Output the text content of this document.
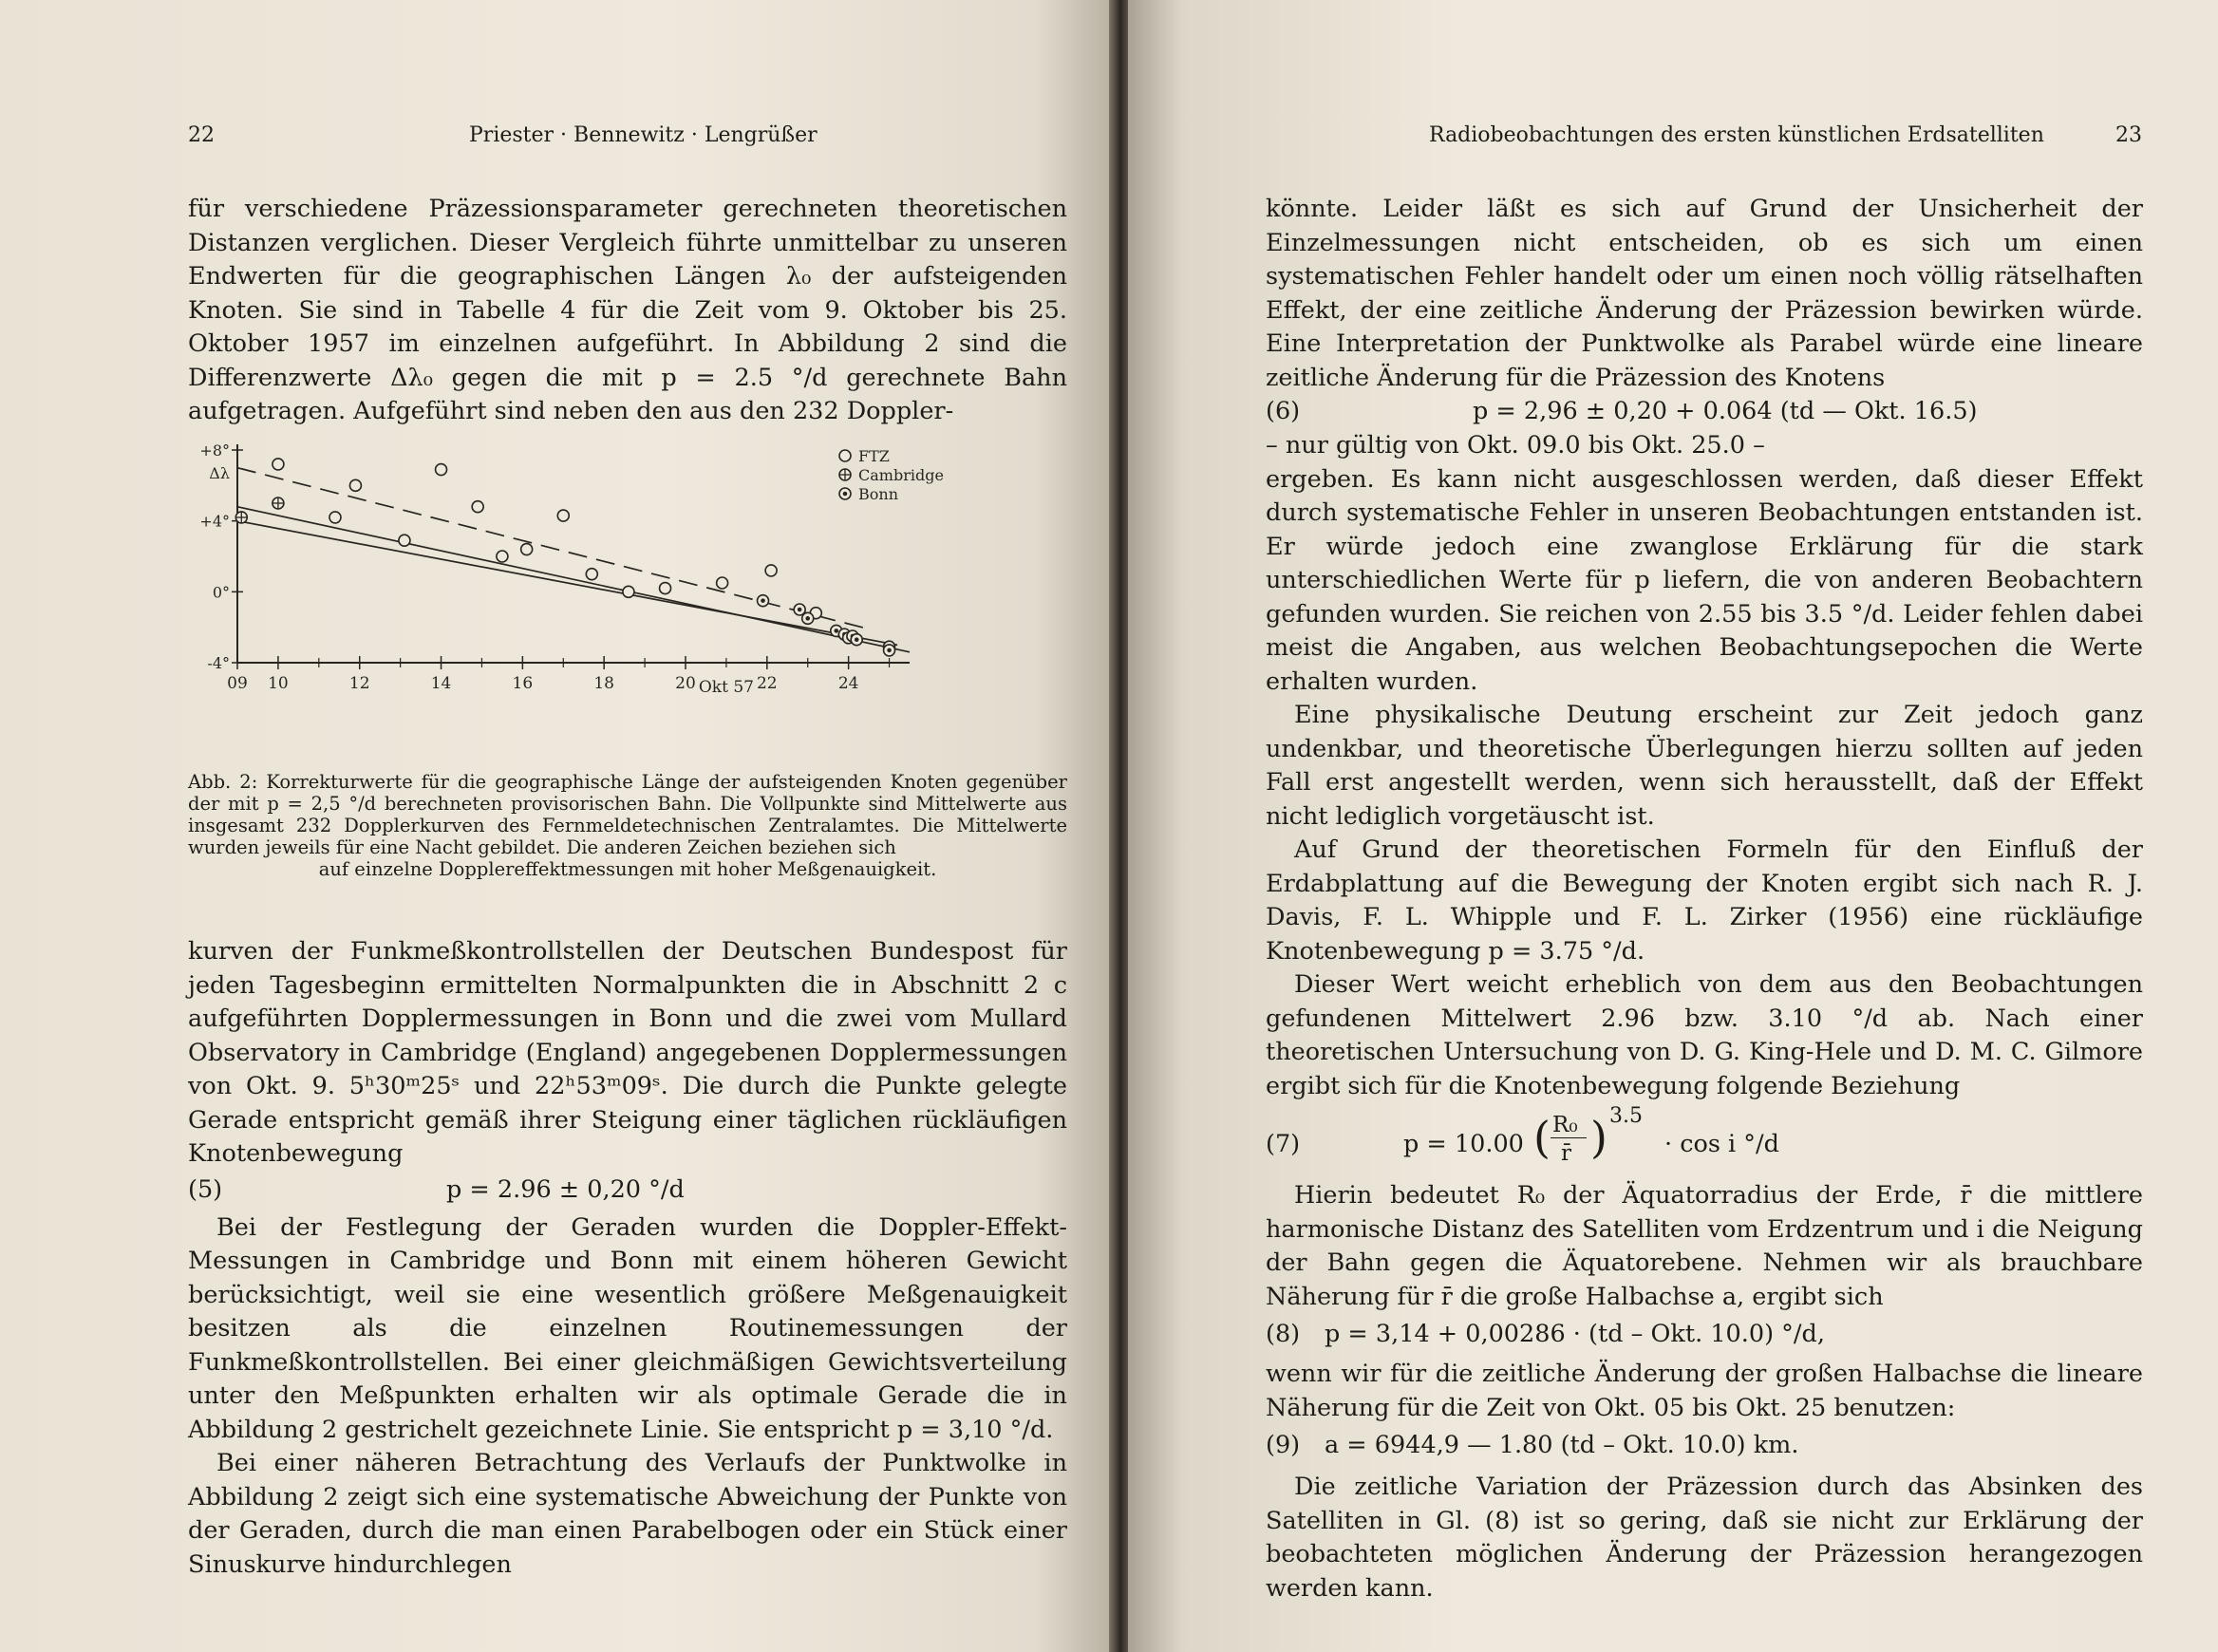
22	Priester · Bennewitz · Lengrüßer

für verschiedene Präzessionsparameter gerechneten theoretischen Distanzen verglichen. Dieser Vergleich führte unmittelbar zu unseren Endwerten für die geographischen Längen λ₀ der aufsteigenden Knoten. Sie sind in Tabelle 4 für die Zeit vom 9. Oktober bis 25. Oktober 1957 im einzelnen aufgeführt. In Abbildung 2 sind die Differenzwerte Δλ₀ gegen die mit p = 2.5 °/d gerechnete Bahn aufgetragen. Aufgeführt sind neben den aus den 232 Doppler-

09 10	12	14	16	18	20	22	24
Okt 57
+8°
+4°
0°
-4°
Δλ
FTZ
Cambridge
Bonn
Abb. 2: Korrekturwerte für die geographische Länge der aufsteigenden Knoten gegenüber der mit p = 2,5 °/d berechneten provisorischen Bahn. Die Vollpunkte sind Mittelwerte aus insgesamt 232 Dopplerkurven des Fernmeldetechnischen Zentralamtes. Die Mittelwerte wurden jeweils für eine Nacht gebildet. Die anderen Zeichen beziehen sich
auf einzelne Dopplereffektmessungen mit hoher Meßgenauigkeit.

kurven der Funkmeßkontrollstellen der Deutschen Bundespost für jeden Tagesbeginn ermittelten Normalpunkten die in Abschnitt 2 c aufgeführten Dopplermessungen in Bonn und die zwei vom Mullard Observatory in Cambridge (England) angegebenen Dopplermessungen von Okt. 9. 5ʰ30ᵐ25ˢ und 22ʰ53ᵐ09ˢ. Die durch die Punkte gelegte Gerade entspricht gemäß ihrer Steigung einer täglichen rückläufigen Knotenbewegung

(5)	p = 2.96 ± 0,20 °/d

Bei der Festlegung der Geraden wurden die Doppler-Effekt-Messungen in Cambridge und Bonn mit einem höheren Gewicht berücksichtigt, weil sie eine wesentlich größere Meßgenauigkeit besitzen als die einzelnen Routinemessungen der Funkmeßkontrollstellen. Bei einer gleichmäßigen Gewichtsverteilung unter den Meßpunkten erhalten wir als optimale Gerade die in Abbildung 2 gestrichelt gezeichnete Linie. Sie entspricht p = 3,10 °/d.

Bei einer näheren Betrachtung des Verlaufs der Punktwolke in Abbildung 2 zeigt sich eine systematische Abweichung der Punkte von der Geraden, durch die man einen Parabelbogen oder ein Stück einer Sinuskurve hindurchlegen

Radiobeobachtungen des ersten künstlichen Erdsatelliten	23

könnte. Leider läßt es sich auf Grund der Unsicherheit der Einzelmessungen nicht entscheiden, ob es sich um einen systematischen Fehler handelt oder um einen noch völlig rätselhaften Effekt, der eine zeitliche Änderung der Präzession bewirken würde. Eine Interpretation der Punktwolke als Parabel würde eine lineare zeitliche Änderung für die Präzession des Knotens

(6)	p = 2,96 ± 0,20 + 0.064 (td — Okt. 16.5)

– nur gültig von Okt. 09.0 bis Okt. 25.0 –

ergeben. Es kann nicht ausgeschlossen werden, daß dieser Effekt durch systematische Fehler in unseren Beobachtungen entstanden ist. Er würde jedoch eine zwanglose Erklärung für die stark unterschiedlichen Werte für p liefern, die von anderen Beobachtern gefunden wurden. Sie reichen von 2.55 bis 3.5 °/d. Leider fehlen dabei meist die Angaben, aus welchen Beobachtungsepochen die Werte erhalten wurden.

Eine physikalische Deutung erscheint zur Zeit jedoch ganz undenkbar, und theoretische Überlegungen hierzu sollten auf jeden Fall erst angestellt werden, wenn sich herausstellt, daß der Effekt nicht lediglich vorgetäuscht ist.

Auf Grund der theoretischen Formeln für den Einfluß der Erdabplattung auf die Bewegung der Knoten ergibt sich nach R. J. Davis, F. L. Whipple und F. L. Zirker (1956) eine rückläufige Knotenbewegung p = 3.75 °/d.

Dieser Wert weicht erheblich von dem aus den Beobachtungen gefundenen Mittelwert 2.96 bzw. 3.10 °/d ab. Nach einer theoretischen Untersuchung von D. G. King-Hele und D. M. C. Gilmore ergibt sich für die Knotenbewegung folgende Beziehung

(7)	p = 10.00 ( R₀
r̄ ) 3.5
· cos i °/d

Hierin bedeutet R₀ der Äquatorradius der Erde, r̄ die mittlere harmonische Distanz des Satelliten vom Erdzentrum und i die Neigung der Bahn gegen die Äquatorebene. Nehmen wir als brauchbare Näherung für r̄ die große Halbachse a, ergibt sich

(8) p = 3,14 + 0,00286 · (td – Okt. 10.0) °/d,

wenn wir für die zeitliche Änderung der großen Halbachse die lineare Näherung für die Zeit von Okt. 05 bis Okt. 25 benutzen:

(9) a = 6944,9 — 1.80 (td – Okt. 10.0) km.

Die zeitliche Variation der Präzession durch das Absinken des Satelliten in Gl. (8) ist so gering, daß sie nicht zur Erklärung der beobachteten möglichen Änderung der Präzession herangezogen werden kann.
